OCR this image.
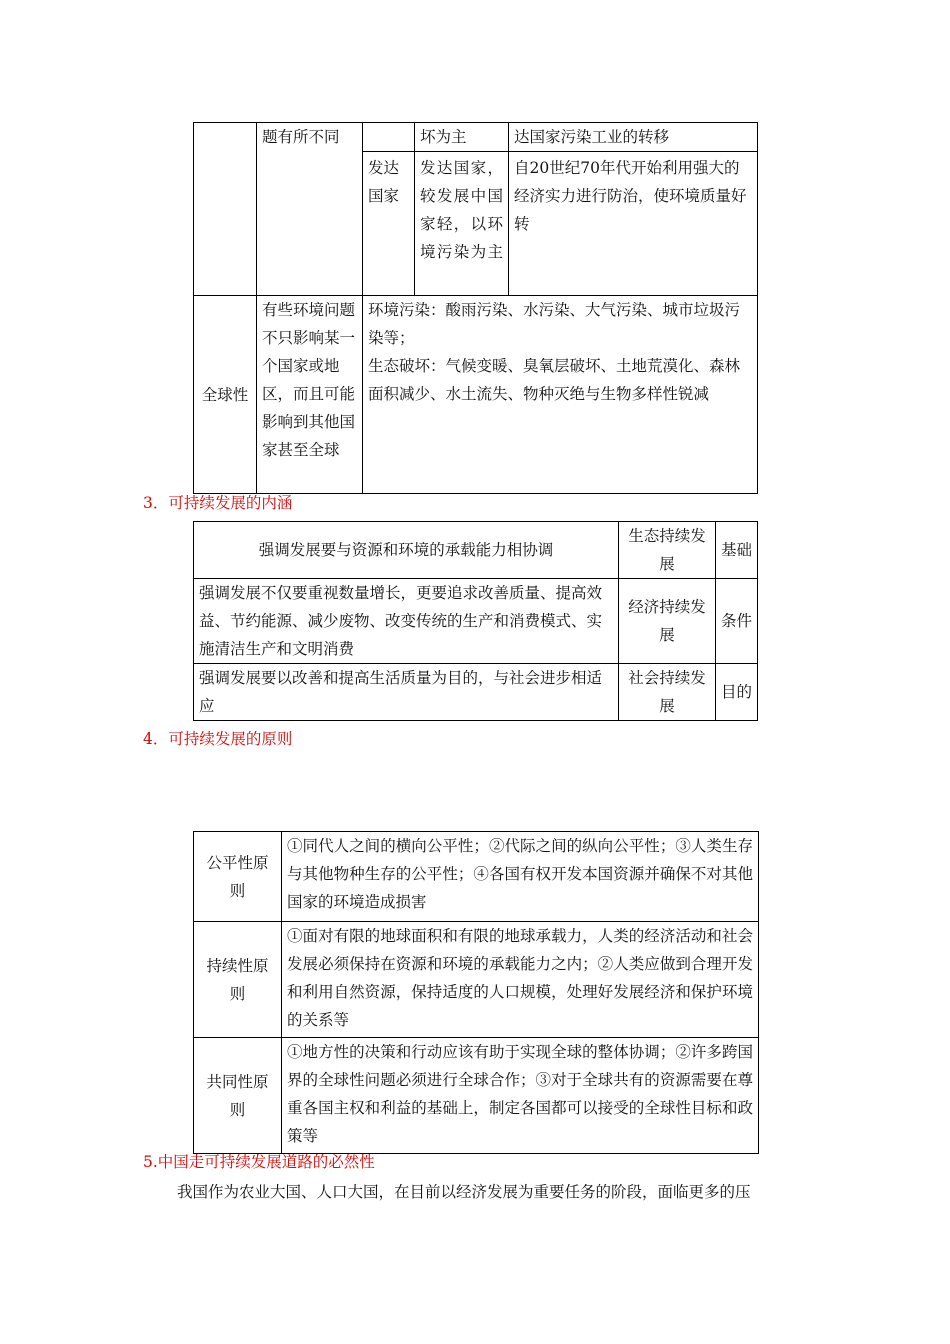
	题有所不同		坏为主	达国家污染工业的转移
		发达国家	发达国家，较发展中国家轻，以环境污染为主	自20世纪70年代开始利用强大的经济实力进行防治，使环境质量好转
全球性	有些环境问题不只影响某一个国家或地区，而且可能影响到其他国家甚至全球	环境污染：酸雨污染、水污染、大气污染、城市垃圾污染等；
生态破坏：气候变暖、臭氧层破坏、土地荒漠化、森林面积减少、水土流失、物种灭绝与生物多样性锐减		
3．可持续发展的内涵
强调发展要与资源和环境的承载能力相协调	生态持续发展	基础
强调发展不仅要重视数量增长，更要追求改善质量、提高效益、节约能源、减少废物、改变传统的生产和消费模式、实施清洁生产和文明消费	经济持续发展	条件
强调发展要以改善和提高生活质量为目的，与社会进步相适应	社会持续发展	目的
4．可持续发展的原则
公平性原则	①同代人之间的横向公平性；②代际之间的纵向公平性；③人类生存与其他物种生存的公平性；④各国有权开发本国资源并确保不对其他国家的环境造成损害
持续性原则	①面对有限的地球面积和有限的地球承载力，人类的经济活动和社会发展必须保持在资源和环境的承载能力之内；②人类应做到合理开发和利用自然资源，保持适度的人口规模，处理好发展经济和保护环境的关系等
共同性原则	①地方性的决策和行动应该有助于实现全球的整体协调；②许多跨国界的全球性问题必须进行全球合作；③对于全球共有的资源需要在尊重各国主权和利益的基础上，制定各国都可以接受的全球性目标和政策等
5.中国走可持续发展道路的必然性
我国作为农业大国、人口大国，在目前以经济发展为重要任务的阶段，面临更多的压
